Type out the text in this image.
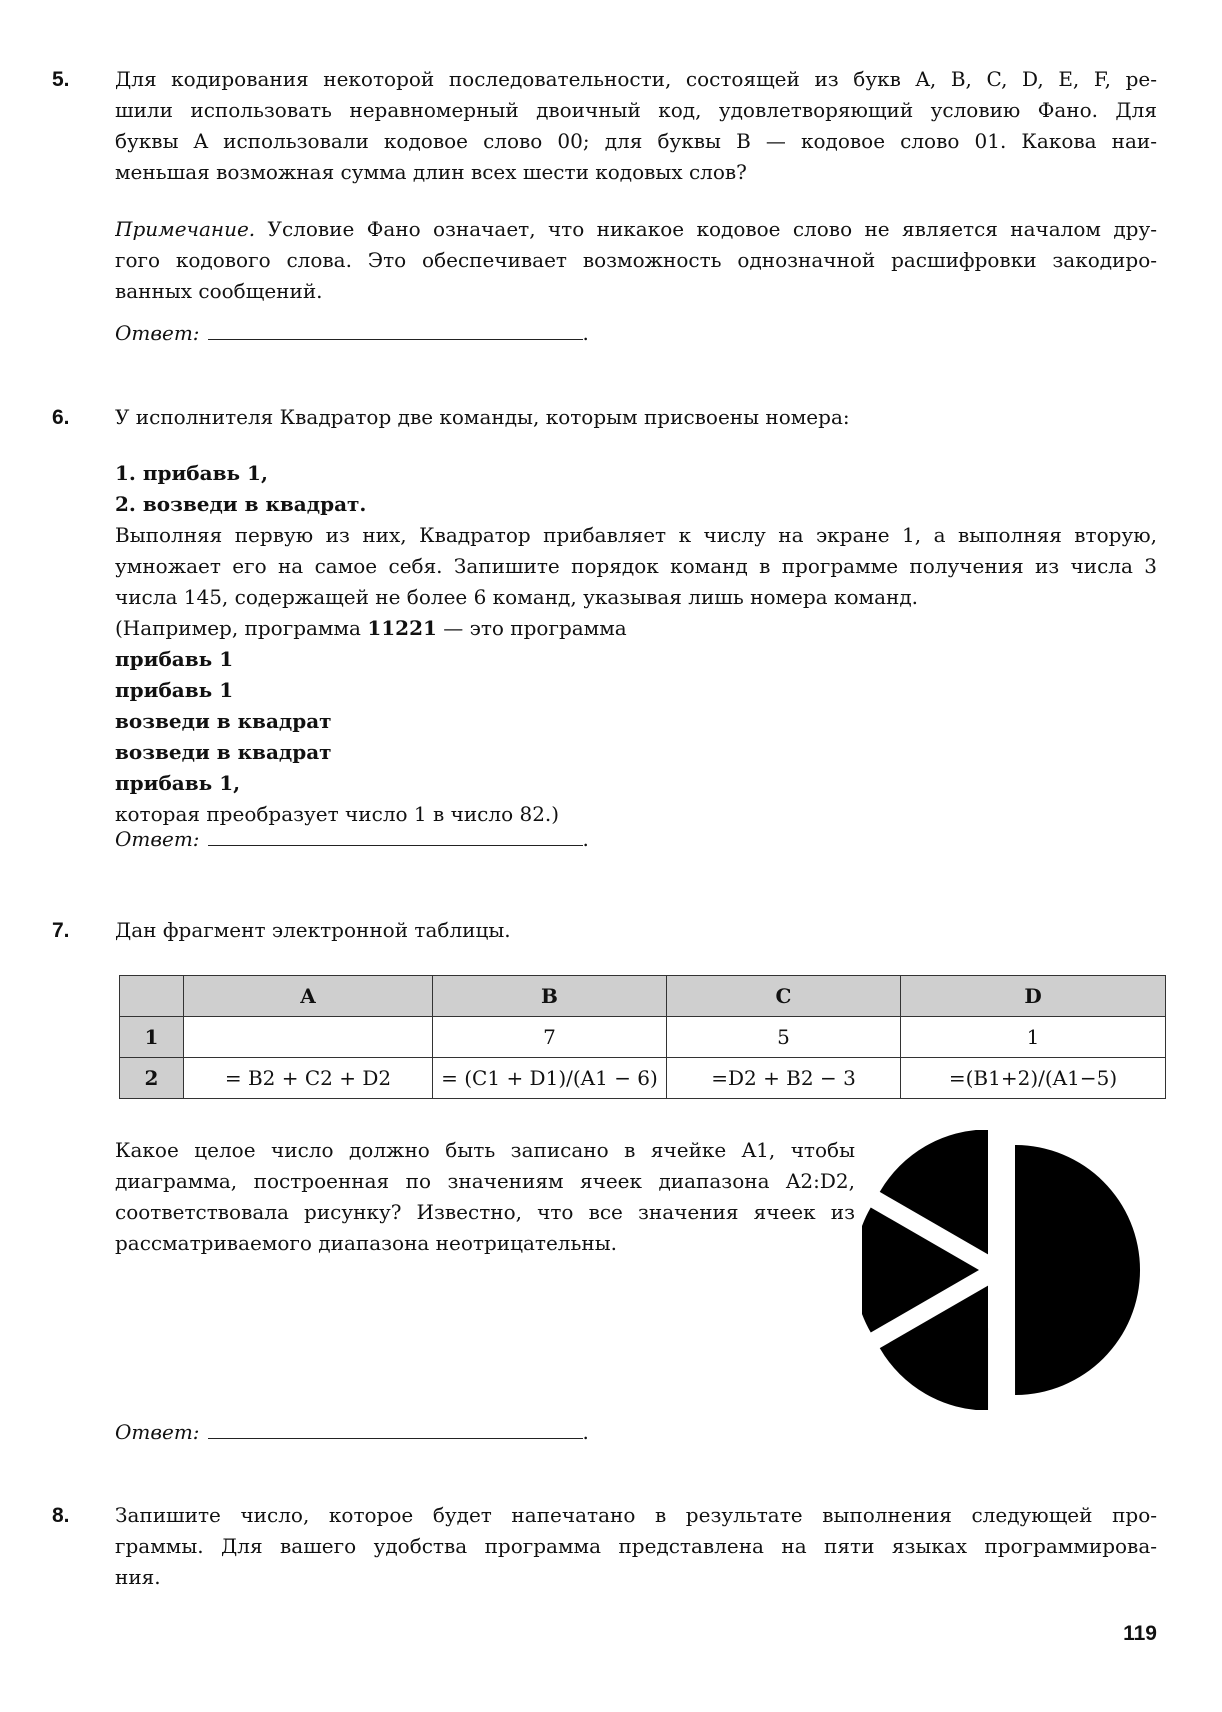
5. Для кодирования некоторой последовательности, состоящей из букв A, B, C, D, E, F, ре-
шили использовать неравномерный двоичный код, удовлетворяющий условию Фано. Для
буквы A использовали кодовое слово 00; для буквы B — кодовое слово 01. Какова наи-
меньшая возможная сумма длин всех шести кодовых слов?
Примечание. Условие Фано означает, что никакое кодовое слово не является началом дру-
гого кодового слова. Это обеспечивает возможность однозначной расшифровки закодиро-
ванных сообщений.
Ответ:	.
6. У исполнителя Квадратор две команды, которым присвоены номера:
1. прибавь 1,
2. возведи в квадрат.
Выполняя первую из них, Квадратор прибавляет к числу на экране 1, а выполняя вторую,
умножает его на самое себя. Запишите порядок команд в программе получения из числа 3
числа 145, содержащей не более 6 команд, указывая лишь номера команд.
(Например, программа 11221 — это программа
прибавь 1
прибавь 1
возведи в квадрат
возведи в квадрат
прибавь 1,
которая преобразует число 1 в число 82.)
Ответ:	.
7. Дан фрагмент электронной таблицы.
	A	B	C	D
1		7	5	1
2	= B2 + C2 + D2	= (C1 + D1)/(A1 − 6)	=D2 + B2 − 3	=(B1+2)/(A1−5)
Какое целое число должно быть записано в ячейке A1, чтобы
диаграмма, построенная по значениям ячеек диапазона A2:D2,
соответствовала рисунку? Известно, что все значения ячеек из
рассматриваемого диапазона неотрицательны.
Ответ:	.
8. Запишите число, которое будет напечатано в результате выполнения следующей про-
граммы. Для вашего удобства программа представлена на пяти языках программирова-
ния.
119
